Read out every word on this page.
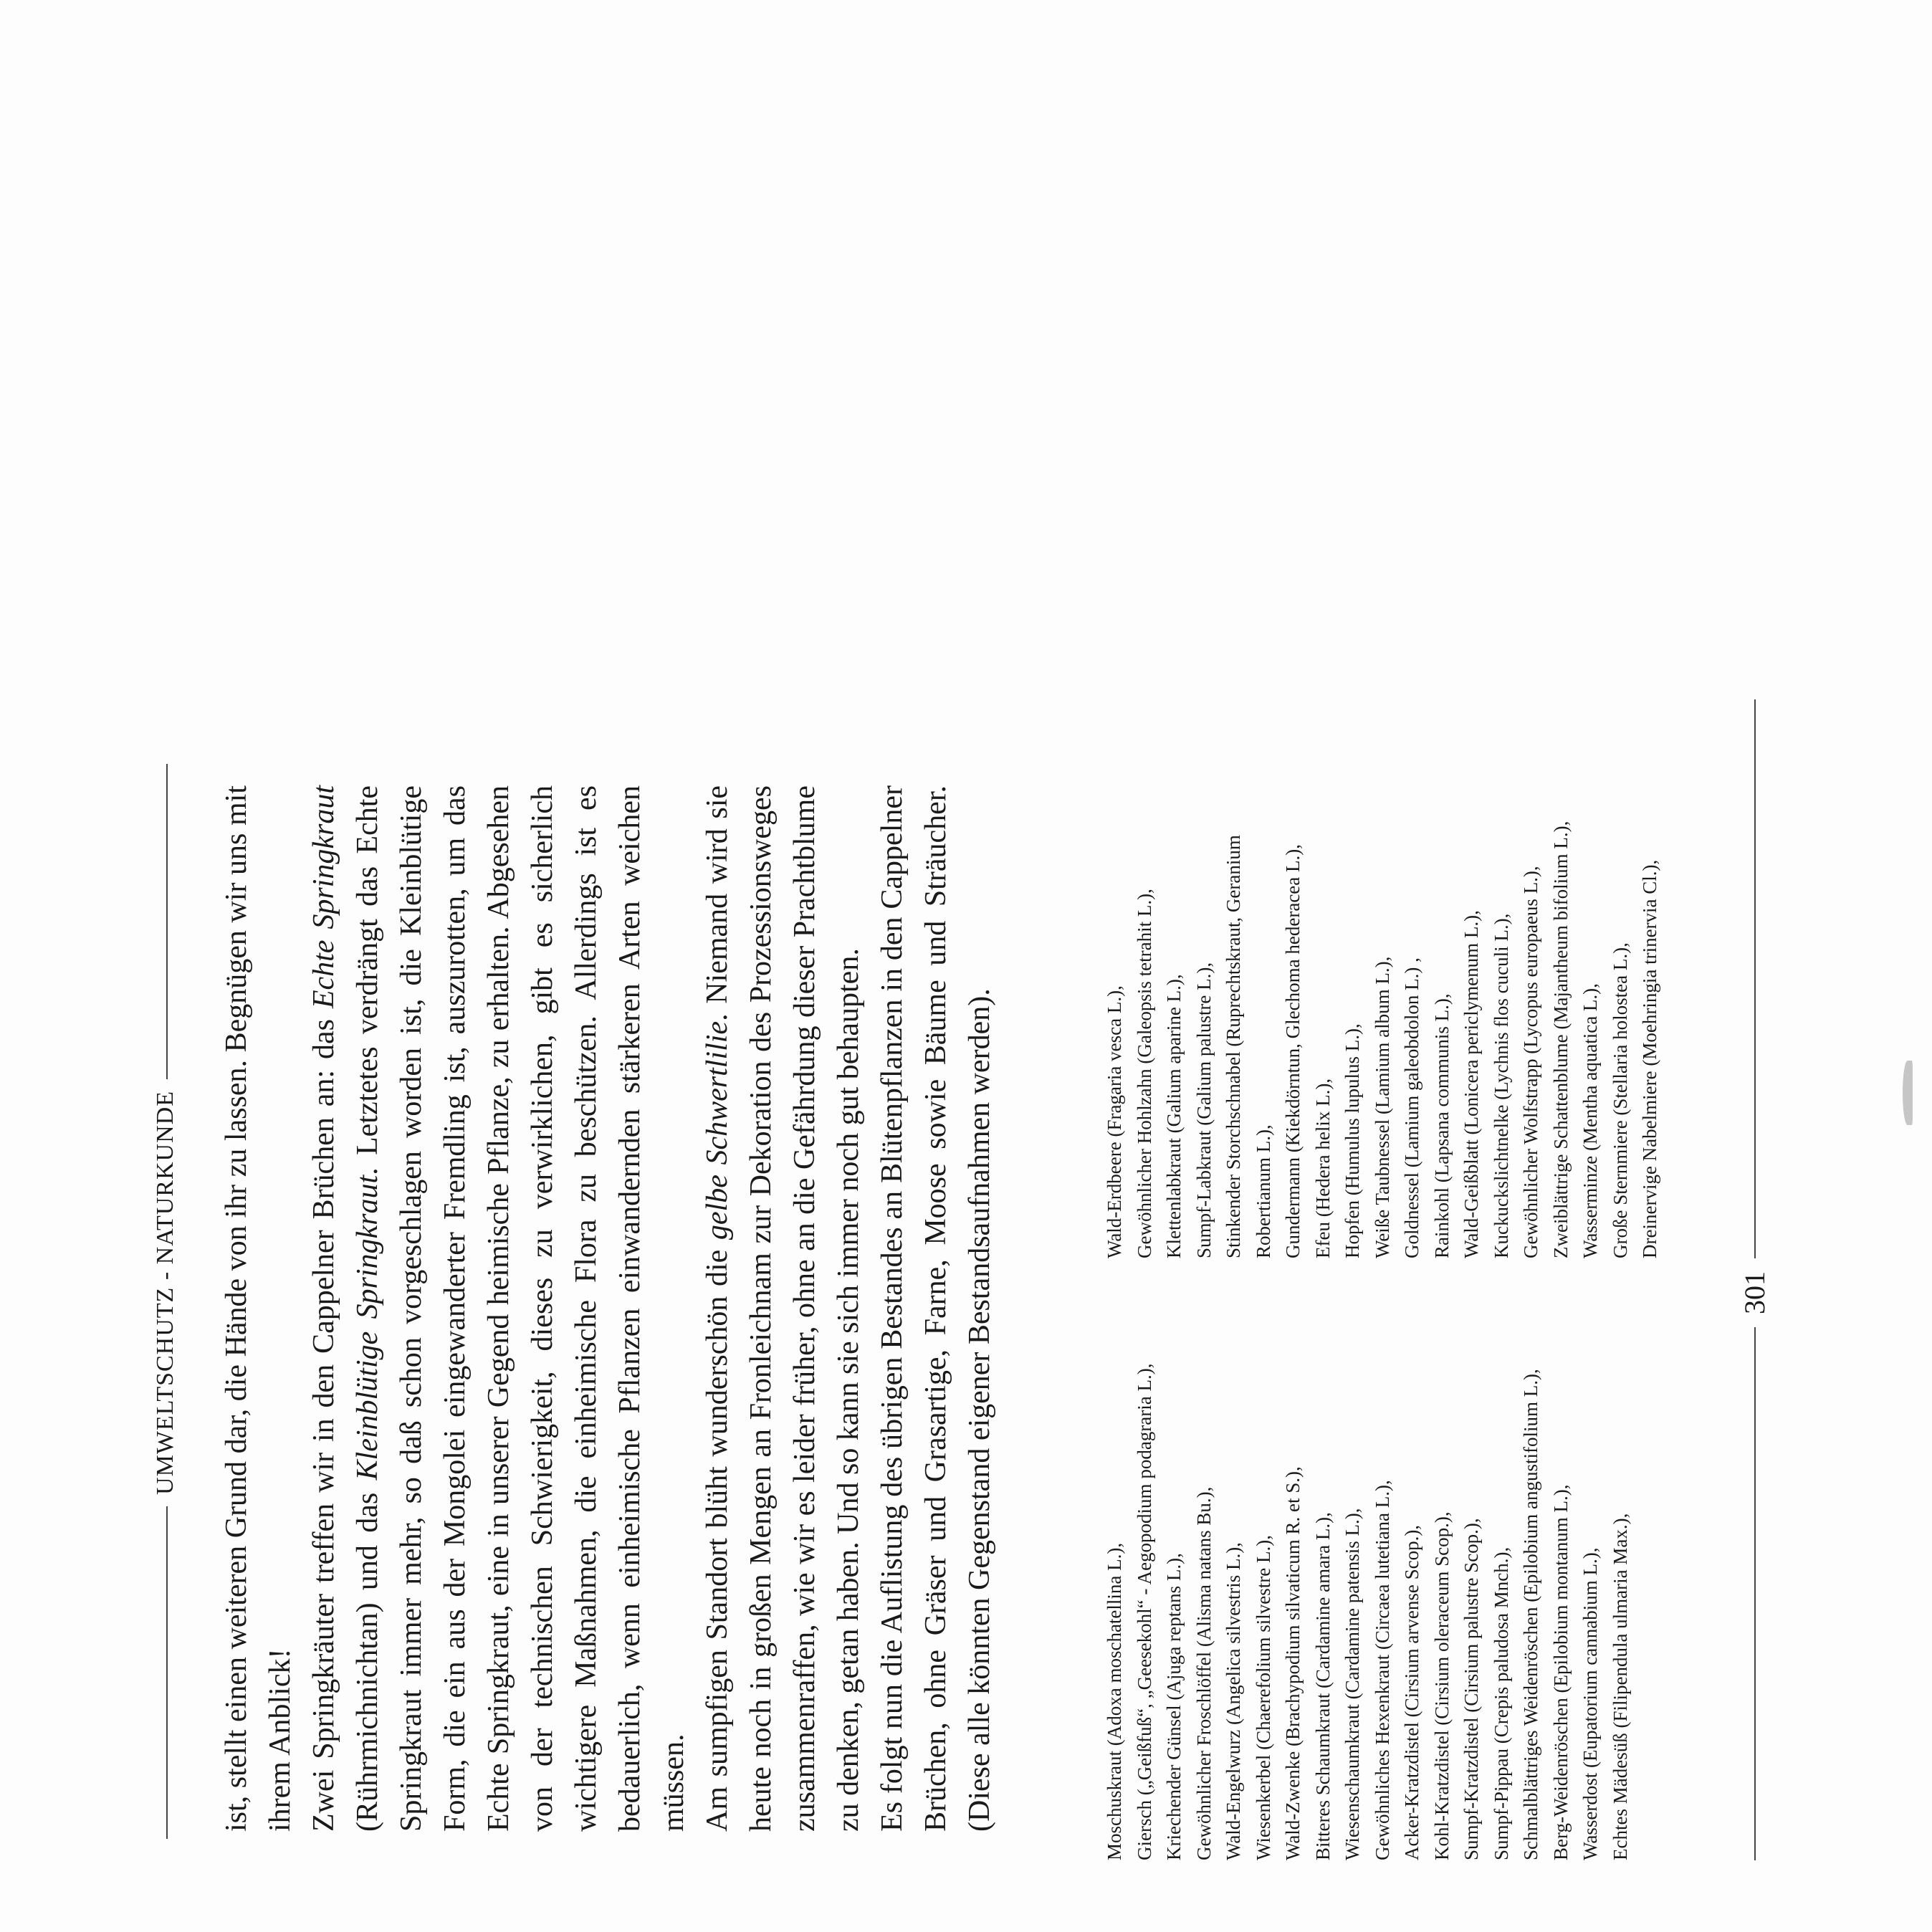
UMWELTSCHUTZ - NATURKUNDE ist, stellt einen weiteren Grund dar, die Hände von ihr zu lassen. Begnügen wir uns mit ihrem Anblick! Zwei Springkräuter treffen wir in den Cappelner Brüchen an: das Echte Springkraut (Rührmichnichtan) und das Kleinblütige Springkraut. Letztetes verdrängt das Echte Springkraut immer mehr, so daß schon vorgeschlagen worden ist, die Kleinblütige Form, die ein aus der Mongolei eingewanderter Fremdling ist, auszurotten, um das Echte Springkraut, eine in unserer Gegend heimische Pflanze, zu erhalten. Abgesehen von der technischen Schwierigkeit, dieses zu verwirklichen, gibt es sicherlich wichtigere Maßnahmen, die einheimische Flora zu beschützen. Allerdings ist es bedauerlich, wenn einheimische Pflanzen einwandernden stärkeren Arten weichen müssen. Am sumpfigen Standort blüht wunderschön die gelbe Schwertlilie. Niemand wird sie heute noch in großen Mengen an Fronleichnam zur Dekoration des Prozessionsweges zusammenraffen, wie wir es leider früher, ohne an die Gefährdung dieser Prachtblume zu denken, getan haben. Und so kann sie sich immer noch gut behaupten. Es folgt nun die Auflistung des übrigen Bestandes an Blütenpflanzen in den Cappelner Brüchen, ohne Gräser und Grasartige, Farne, Moose sowie Bäume und Sträucher. (Diese alle könnten Gegenstand eigener Bestandsaufnahmen werden).	Moschuskraut (Adoxa moschatellina L.), Giersch („Geißfuß“, „Geesekohl“ - Aegopodium podagraria L.), Kriechender Günsel (Ajuga reptans L.), Gewöhnlicher Froschlöffel (Alisma natans Bu.), Wald-Engelwurz (Angelica silvestris L.), Wiesenkerbel (Chaerefolium silvestre L.), Wald-Zwenke (Brachypodium silvaticum R. et S.), Bitteres Schaumkraut (Cardamine amara L.), Wiesenschaumkraut (Cardamine patensis L.), Gewöhnliches Hexenkraut (Circaea lutetiana L.), Acker-Kratzdistel (Cirsium arvense Scop.), Kohl-Kratzdistel (Cirsium oleraceum Scop.), Sumpf-Kratzdistel (Cirsium palustre Scop.), Sumpf-Pippau (Crepis paludosa Mnch.), Schmalblättriges Weidenröschen (Epilobium angustifolium L.), Berg-Weidenröschen (Epilobium montanum L.), Wasserdost (Eupatorium cannabium L.), Echtes Mädesüß (Filipendula ulmaria Max.),
Wald-Erdbeere (Fragaria vesca L.), Gewöhnlicher Hohlzahn (Galeopsis tetrahit L.), Klettenlabkraut (Galium aparine L.), Sumpf-Labkraut (Galium palustre L.), Stinkender Storchschnabel (Ruprechtskraut, Geranium Robertianum L.), Gundermann (Kiekdörntun, Glechoma hederacea L.), Efeu (Hedera helix L.), Hopfen (Humulus lupulus L.), Weiße Taubnessel (Lamium album L.), Goldnessel (Lamium galeobdolon L.) , Rainkohl (Lapsana communis L.), Wald-Geißblatt (Lonicera periclymenum L.), Kuckuckslichtnelke (Lychnis flos cuculi L.), Gewöhnlicher Wolfstrapp (Lycopus europaeus L.), Zweiblättrige Schattenblume (Majantheum bifolium L.), Wasserminze (Mentha aquatica L.), Große Sternmiere (Stellaria holostea L.), Dreinervige Nabelmiere (Moehringia trinervia Cl.),
301
